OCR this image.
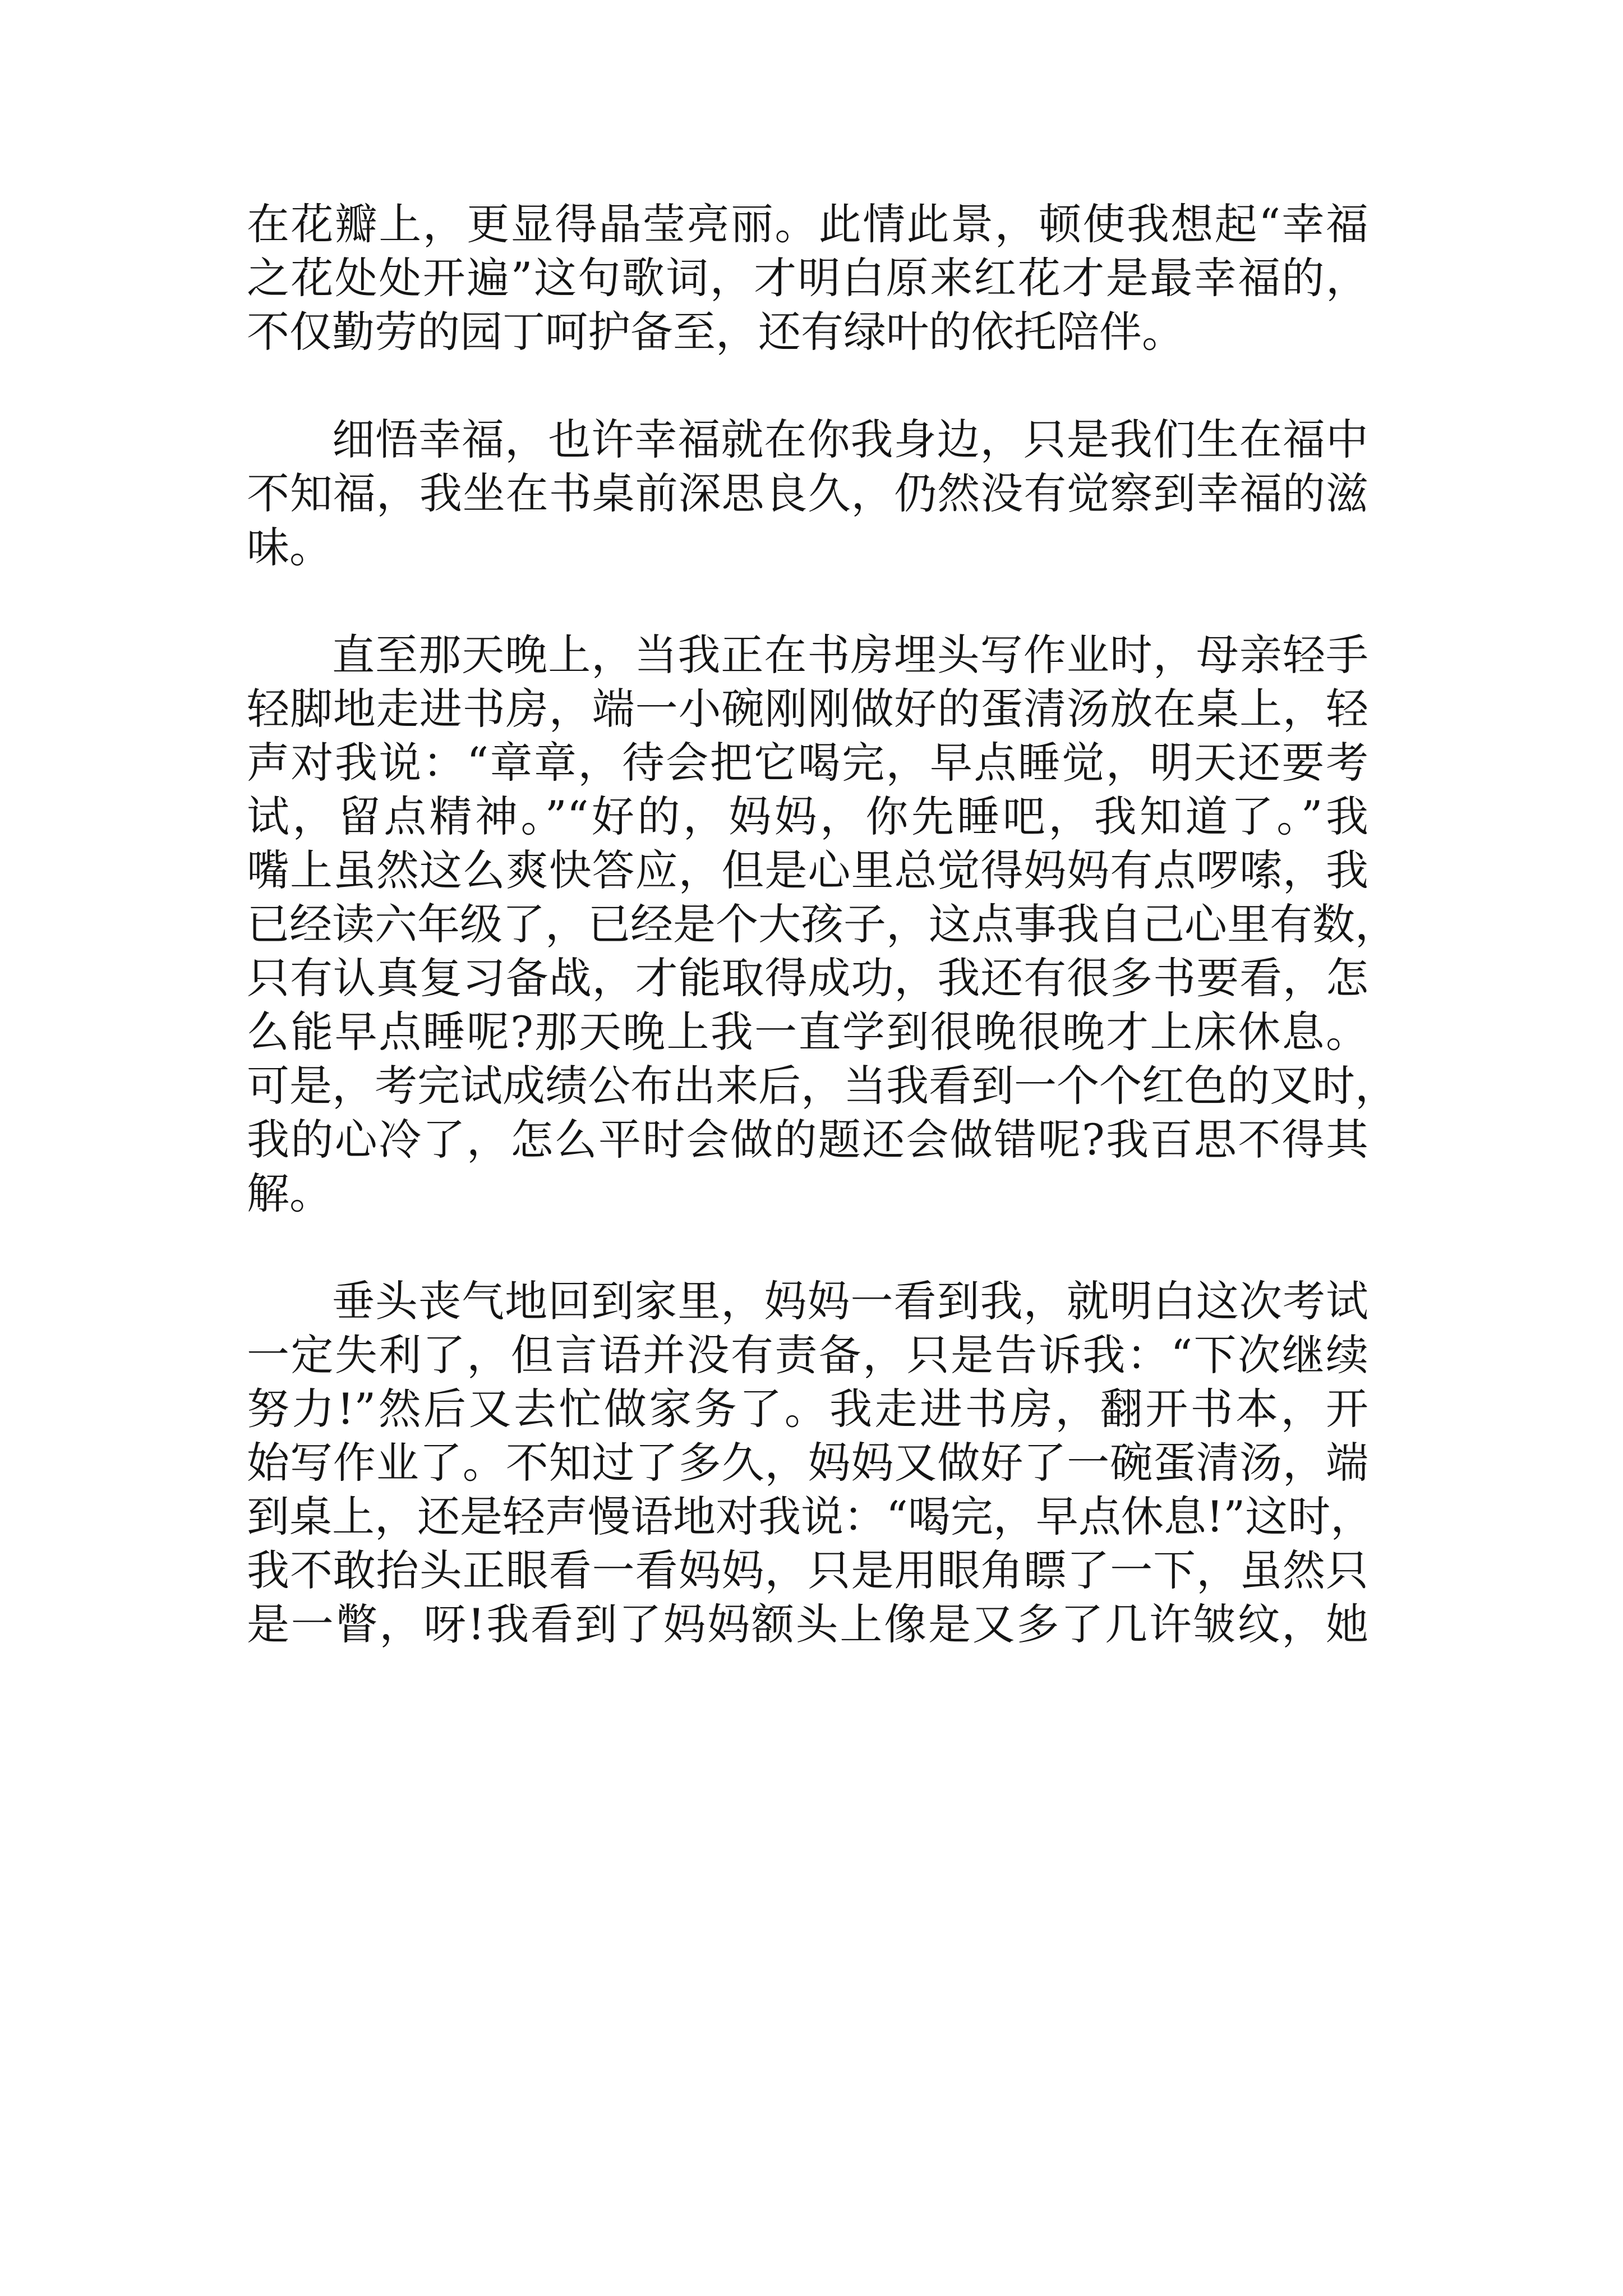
在花瓣上，更显得晶莹亮丽。此情此景，顿使我想起“幸福
之花处处开遍”这句歌词，才明白原来红花才是最幸福的，
不仅勤劳的园丁呵护备至，还有绿叶的依托陪伴。
细悟幸福，也许幸福就在你我身边，只是我们生在福中
不知福，我坐在书桌前深思良久，仍然没有觉察到幸福的滋
味。
直至那天晚上，当我正在书房埋头写作业时，母亲轻手
轻脚地走进书房，端一小碗刚刚做好的蛋清汤放在桌上，轻
声对我说：“章章，待会把它喝完，早点睡觉，明天还要考
试，留点精神。”“好的，妈妈，你先睡吧，我知道了。”我
嘴上虽然这么爽快答应，但是心里总觉得妈妈有点啰嗦，我
已经读六年级了，已经是个大孩子，这点事我自己心里有数，
只有认真复习备战，才能取得成功，我还有很多书要看，怎
么能早点睡呢?那天晚上我一直学到很晚很晚才上床休息。
可是，考完试成绩公布出来后，当我看到一个个红色的叉时，
我的心冷了，怎么平时会做的题还会做错呢?我百思不得其
解。
垂头丧气地回到家里，妈妈一看到我，就明白这次考试
一定失利了，但言语并没有责备，只是告诉我：“下次继续
努力!”然后又去忙做家务了。我走进书房，翻开书本，开
始写作业了。不知过了多久，妈妈又做好了一碗蛋清汤，端
到桌上，还是轻声慢语地对我说：“喝完，早点休息!”这时，
我不敢抬头正眼看一看妈妈，只是用眼角瞟了一下，虽然只
是一瞥，呀!我看到了妈妈额头上像是又多了几许皱纹，她
